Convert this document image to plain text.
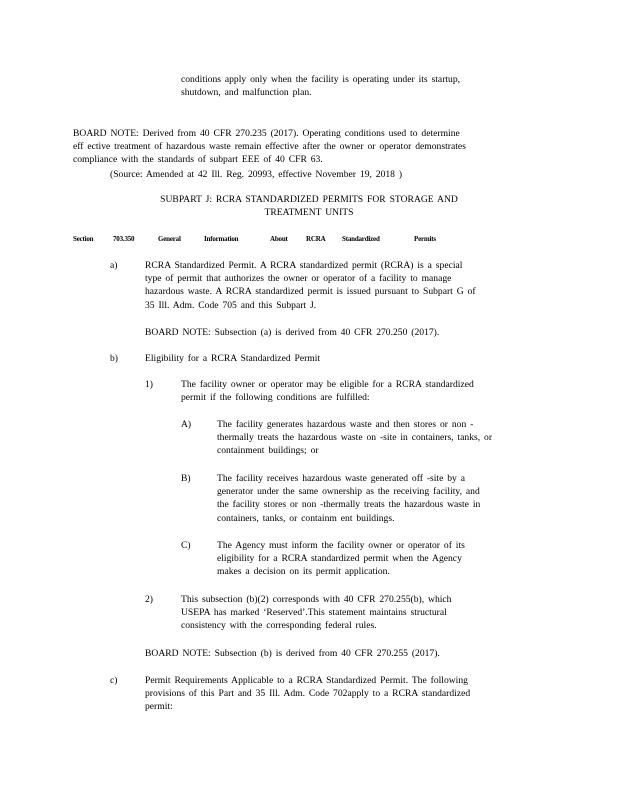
conditions apply only when the facility is operating under its startup,

shutdown, and malfunction plan.

BOARD NOTE: Derived from 40 CFR 270.235 (2017). Operating conditions used to determine

eff ective treatment of hazardous waste remain effective after the owner or operator demonstrates

compliance with the standards of subpart EEE of 40 CFR 63.

(Source: Amended at 42 Ill. Reg. 20993, effective November 19, 2018 )

SUBPART J: RCRA STANDARDIZED PERMITS FOR STORAGE AND

TREATMENT UNITS

Section	703.350	General	Information	About	RCRA Standardized	Permits
a)	RCRA Standardized Permit. A RCRA standardized permit (RCRA) is a special

type of permit that authorizes the owner or operator of a facility to manage

hazardous waste. A RCRA standardized permit is issued pursuant to Subpart G of

35 Ill. Adm. Code 705 and this Subpart J.

BOARD NOTE: Subsection (a) is derived from 40 CFR 270.250 (2017).

b)	Eligibility for a RCRA Standardized Permit

1)	The facility owner or operator may be eligible for a RCRA standardized

permit if the following conditions are fulfilled:

A)	The facility generates hazardous waste and then stores or non -

thermally treats the hazardous waste on -site in containers, tanks, or

containment buildings; or

B)	The facility receives hazardous waste generated off -site by a

generator under the same ownership as the receiving facility, and

the facility stores or non -thermally treats the hazardous waste in

containers, tanks, or containm ent buildings.

C)	The Agency must inform the facility owner or operator of its

eligibility for a RCRA standardized permit when the Agency

makes a decision on its permit application.

2)	This subsection (b)(2) corresponds with 40 CFR 270.255(b), which

USEPA has marked ‘Reserved’.This statement maintains structural

consistency with the corresponding federal rules.

BOARD NOTE: Subsection (b) is derived from 40 CFR 270.255 (2017).

c)	Permit Requirements Applicable to a RCRA Standardized Permit. The following

provisions of this Part and 35 Ill. Adm. Code 702apply to a RCRA standardized

permit:
